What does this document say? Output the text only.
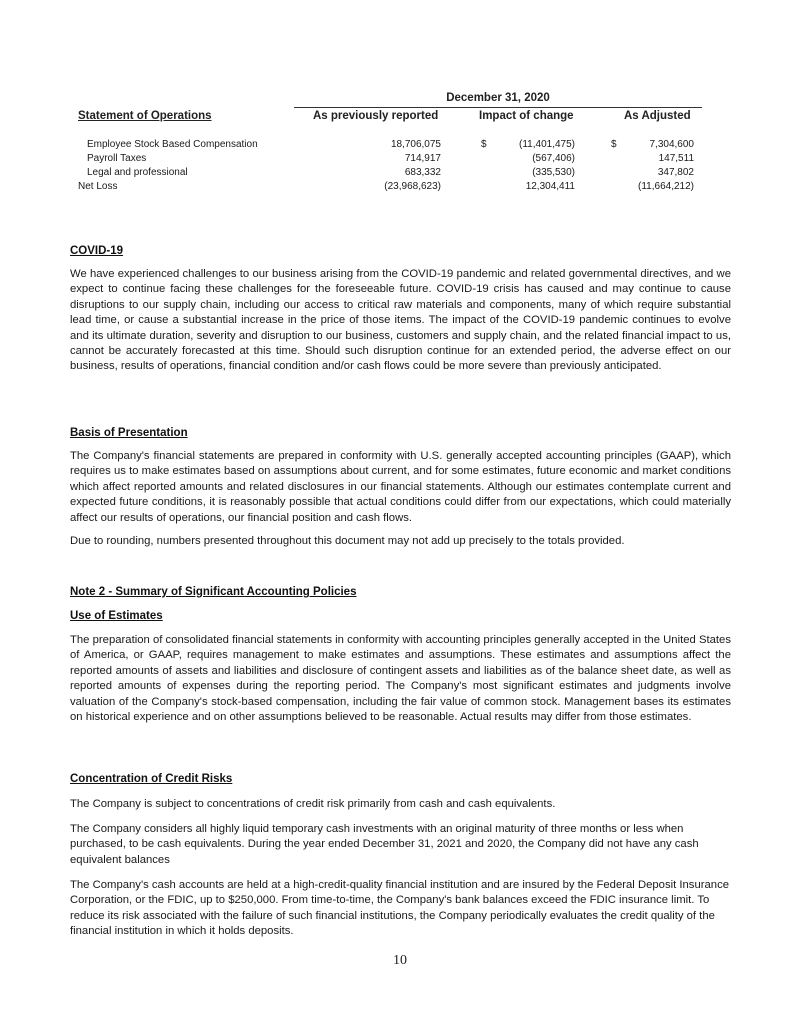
December 31, 2020
Statement of Operations	As previously reported	Impact of change	As Adjusted
Employee Stock Based Compensation	18,706,075	$	(11,401,475)	$	7,304,600
Payroll Taxes	714,917	(567,406)	147,511
Legal and professional	683,332	(335,530)	347,802
Net Loss	(23,968,623)	12,304,411	(11,664,212)
COVID-19

We have experienced challenges to our business arising from the COVID-19 pandemic and related governmental directives, and we expect to continue facing these challenges for the foreseeable future. COVID-19 crisis has caused and may continue to cause disruptions to our supply chain, including our access to critical raw materials and components, many of which require substantial lead time, or cause a substantial increase in the price of those items. The impact of the COVID-19 pandemic continues to evolve and its ultimate duration, severity and disruption to our business, customers and supply chain, and the related financial impact to us, cannot be accurately forecasted at this time. Should such disruption continue for an extended period, the adverse effect on our business, results of operations, financial condition and/or cash flows could be more severe than previously anticipated.

Basis of Presentation

The Company's financial statements are prepared in conformity with U.S. generally accepted accounting principles (GAAP), which requires us to make estimates based on assumptions about current, and for some estimates, future economic and market conditions which affect reported amounts and related disclosures in our financial statements. Although our estimates contemplate current and expected future conditions, it is reasonably possible that actual conditions could differ from our expectations, which could materially affect our results of operations, our financial position and cash flows.

Due to rounding, numbers presented throughout this document may not add up precisely to the totals provided.

Note 2 - Summary of Significant Accounting Policies
Use of Estimates

The preparation of consolidated financial statements in conformity with accounting principles generally accepted in the United States of America, or GAAP, requires management to make estimates and assumptions. These estimates and assumptions affect the reported amounts of assets and liabilities and disclosure of contingent assets and liabilities as of the balance sheet date, as well as reported amounts of expenses during the reporting period. The Company's most significant estimates and judgments involve valuation of the Company's stock-based compensation, including the fair value of common stock. Management bases its estimates on historical experience and on other assumptions believed to be reasonable. Actual results may differ from those estimates.

Concentration of Credit Risks

The Company is subject to concentrations of credit risk primarily from cash and cash equivalents.

The Company considers all highly liquid temporary cash investments with an original maturity of three months or less when purchased, to be cash equivalents. During the year ended December 31, 2021 and 2020, the Company did not have any cash equivalent balances

The Company's cash accounts are held at a high-credit-quality financial institution and are insured by the Federal Deposit Insurance Corporation, or the FDIC, up to $250,000. From time-to-time, the Company's bank balances exceed the FDIC insurance limit. To reduce its risk associated with the failure of such financial institutions, the Company periodically evaluates the credit quality of the financial institution in which it holds deposits.

10
